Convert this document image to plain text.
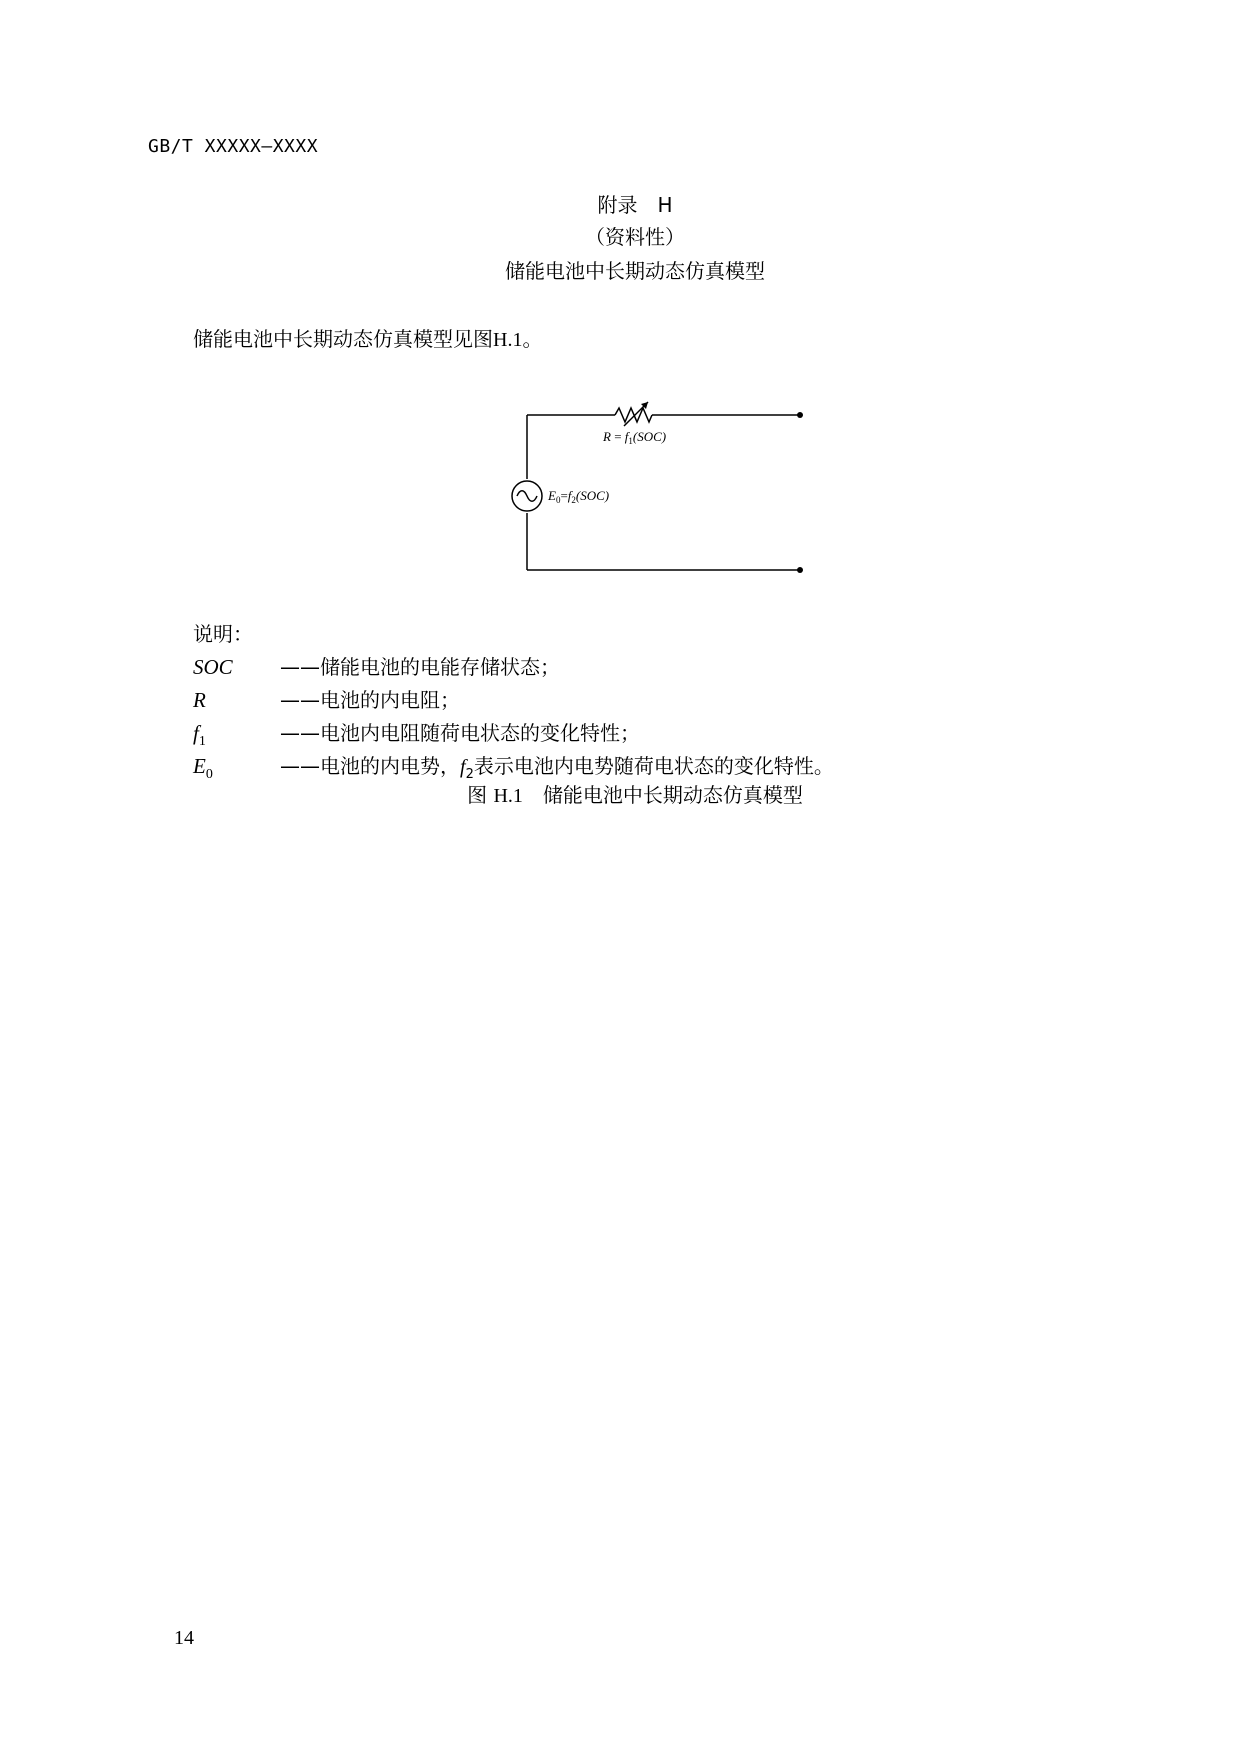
GB/T XXXXX—XXXX
附录　H
（资料性）
储能电池中长期动态仿真模型
储能电池中长期动态仿真模型见图H.1。
$R = f_1(SOC)$
$E_0=f_2(SOC)$
说明：
SOC ——储能电池的电能存储状态；
R	——电池的内电阻；
$f_1$	——电池内电阻随荷电状态的变化特性；
$E_0$	——电池的内电势，$f_2$表示电池内电势随荷电状态的变化特性。
图 H.1　 储能电池中长期动态仿真模型
14
